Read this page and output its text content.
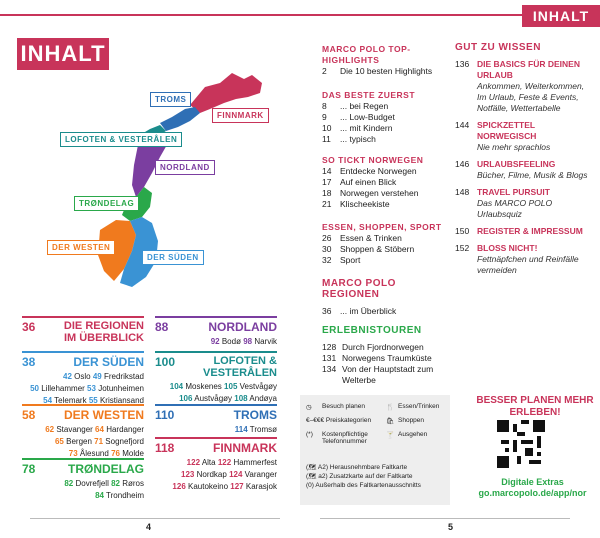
INHALT
INHALT
TROMS
FINNMARK
LOFOTEN & VESTERÅLEN
NORDLAND
TRØNDELAG
DER WESTEN
DER SÜDEN
36	DIE REGIONEN IM ÜBERBLICK
38	DER SÜDEN
42 Oslo 49 Fredrikstad
50 Lillehammer 53 Jotunheimen
54 Telemark 55 Kristiansand
58 DER WESTEN
62 Stavanger 64 Hardanger
65 Bergen 71 Sognefjord
73 Ålesund 76 Molde
78	TRØNDELAG
82 Dovrefjell 82 Røros
84 Trondheim
88	NORDLAND
92 Bodø 98 Narvik
100	LOFOTEN & VESTERÅLEN
104 Moskenes 105 Vestvågøy
106 Austvågøy 108 Andøya
110	TROMS
114 Tromsø
118	FINNMARK
122 Alta 122 Hammerfest
123 Nordkap 124 Varanger
126 Kautokeino 127 Karasjok
MARCO POLO TOP-HIGHLIGHTS
2	Die 10 besten Highlights
DAS BESTE ZUERST
8	... bei Regen
9	... Low-Budget
10	... mit Kindern
11	... typisch
SO TICKT NORWEGEN
14	Entdecke Norwegen
17	Auf einen Blick
18	Norwegen verstehen
21	Klischeekiste
ESSEN, SHOPPEN, SPORT
26	Essen & Trinken
30	Shoppen & Stöbern
32	Sport
MARCO POLO REGIONEN
36	... im Überblick
ERLEBNISTOUREN
128 Durch Fjordnorwegen
131 Norwegens Traumküste
134 Von der Hauptstadt zum Welterbe
GUT ZU WISSEN
136 DIE BASICS FÜR DEINEN URLAUB
Ankommen, Weiterkommen, Im Urlaub, Feste & Events, Notfälle, Wettertabelle
144 SPICKZETTEL NORWEGISCH
Nie mehr sprachlos
146 URLAUBSFEELING
Bücher, Filme, Musik & Blogs
148 TRAVEL PURSUIT
Das MARCO POLO Urlaubsquiz
150 REGISTER & IMPRESSUM
152 BLOSS NICHT!
Fettnäpfchen und Reinfälle vermeiden
◷ Besuch planen	🍴 Essen/Trinken
€–€€€ Preiskategorien 🛍 Shoppen
(*)	Kostenpflichtige Telefonnummer
🍸 Ausgehen
(🗺 A2) Herausnehmbare Faltkarte
(🗺 a2) Zusatzkarte auf der Faltkarte
(0) Außerhalb des Faltkartenausschnitts
BESSER PLANEN MEHR ERLEBEN!
Digitale Extras
go.marcopolo.de/app/nor
4	5
